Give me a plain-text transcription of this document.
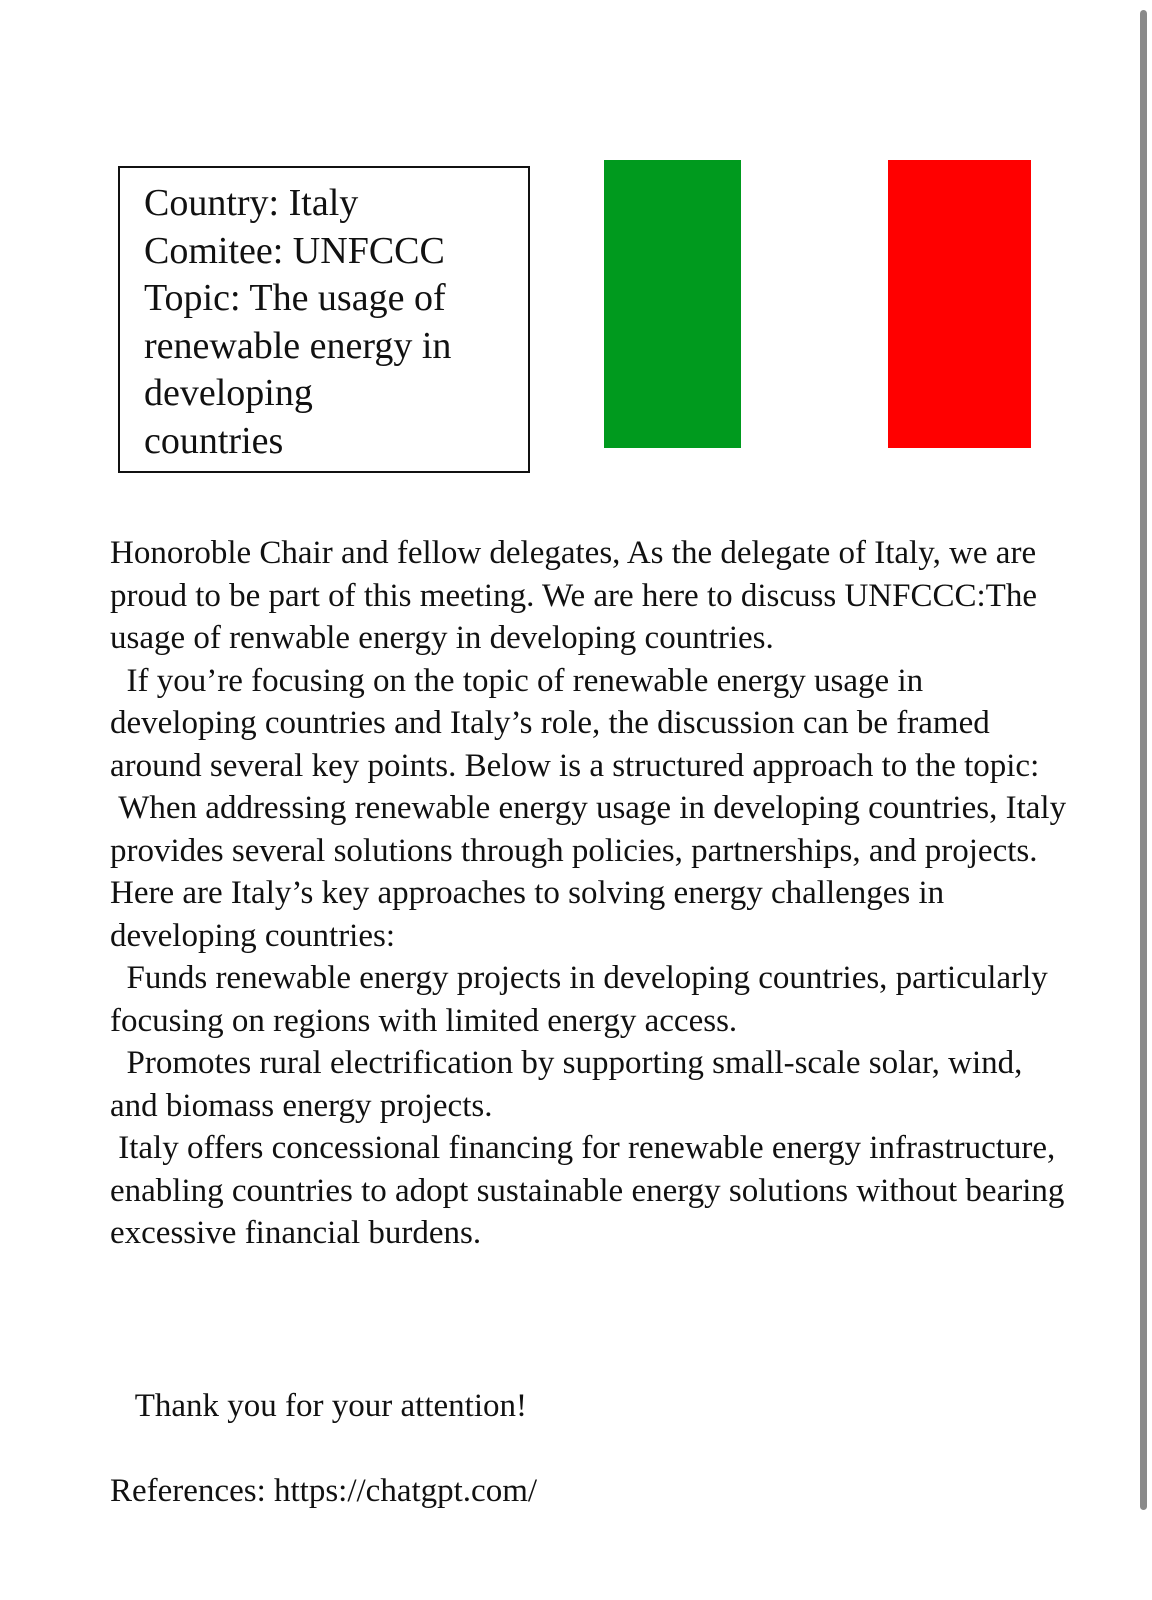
Country: Italy
Comitee: UNFCCC
Topic: The usage of
renewable energy in
developing
countries

Honoroble Chair and fellow delegates, As the delegate of Italy, we are proud to be part of this meeting. We are here to discuss UNFCCC:The usage of renwable energy in developing countries.

If you’re focusing on the topic of renewable energy usage in developing countries and Italy’s role, the discussion can be framed around several key points. Below is a structured approach to the topic:

When addressing renewable energy usage in developing countries, Italy provides several solutions through policies, partnerships, and projects. Here are Italy’s key approaches to solving energy challenges in developing countries:

Funds renewable energy projects in developing countries, particularly focusing on regions with limited energy access.

Promotes rural electrification by supporting small-scale solar, wind, and biomass energy projects.

Italy offers concessional financing for renewable energy infrastructure, enabling countries to adopt sustainable energy solutions without bearing excessive financial burdens.

Thank you for your attention!
References: https://chatgpt.com/
